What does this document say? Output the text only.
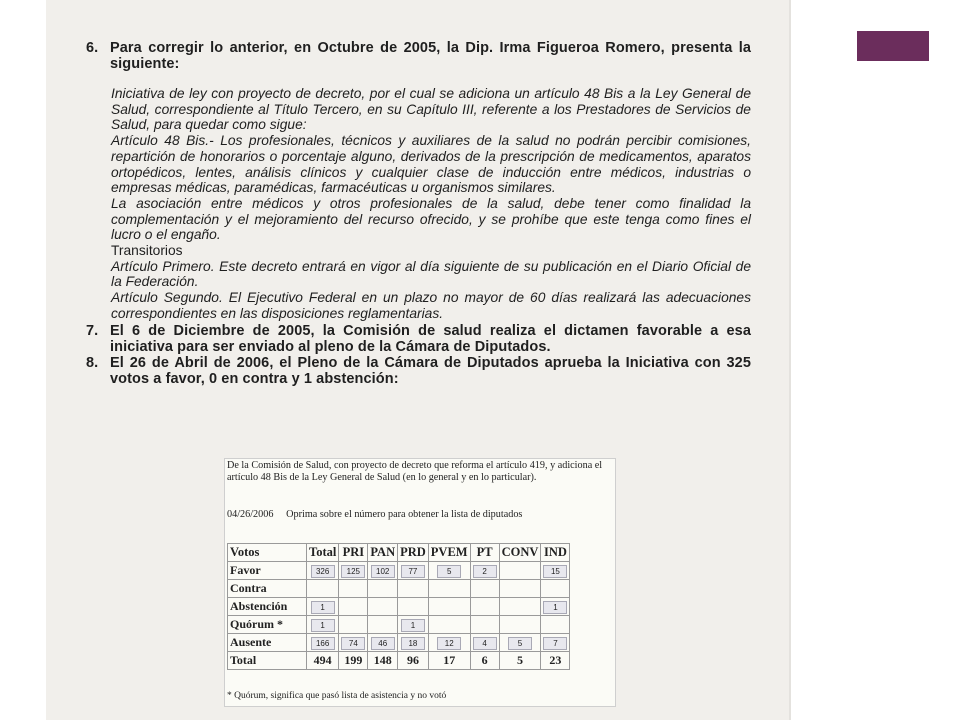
6. Para corregir lo anterior, en Octubre de 2005, la Dip. Irma Figueroa Romero, presenta la siguiente:
Iniciativa de ley con proyecto de decreto, por el cual se adiciona un artículo 48 Bis a la Ley General de Salud, correspondiente al Título Tercero, en su Capítulo III, referente a los Prestadores de Servicios de Salud, para quedar como sigue:
Artículo 48 Bis.- Los profesionales, técnicos y auxiliares de la salud no podrán percibir comisiones, repartición de honorarios o porcentaje alguno, derivados de la prescripción de medicamentos, aparatos ortopédicos, lentes, análisis clínicos y cualquier clase de inducción entre médicos, industrias o empresas médicas, paramédicas, farmacéuticas u organismos similares.
La asociación entre médicos y otros profesionales de la salud, debe tener como finalidad la complementación y el mejoramiento del recurso ofrecido, y se prohíbe que este tenga como fines el lucro o el engaño.
Transitorios
Artículo Primero. Este decreto entrará en vigor al día siguiente de su publicación en el Diario Oficial de la Federación.
Artículo Segundo. El Ejecutivo Federal en un plazo no mayor de 60 días realizará las adecuaciones correspondientes en las disposiciones reglamentarias.
7. El 6 de Diciembre de 2005, la Comisión de salud realiza el dictamen favorable a esa iniciativa para ser enviado al pleno de la Cámara de Diputados.
8. El 26 de Abril de 2006, el Pleno de la Cámara de Diputados aprueba la Iniciativa con 325 votos a favor, 0 en contra y 1 abstención:
De la Comisión de Salud, con proyecto de decreto que reforma el artículo 419, y adiciona el artículo 48 Bis de la Ley General de Salud (en lo general y en lo particular).
04/26/2006 Oprima sobre el número para obtener la lista de diputados
Votos	Total	PRI	PAN	PRD	PVEM	PT	CONV	IND
Favor	326	125	102	77	5	2		15
Contra								
Abstención	1							1
Quórum *	1			1				
Ausente	166	74	46	18	12	4	5	7
Total	494	199	148	96	17	6	5	23
* Quórum, significa que pasó lista de asistencia y no votó
